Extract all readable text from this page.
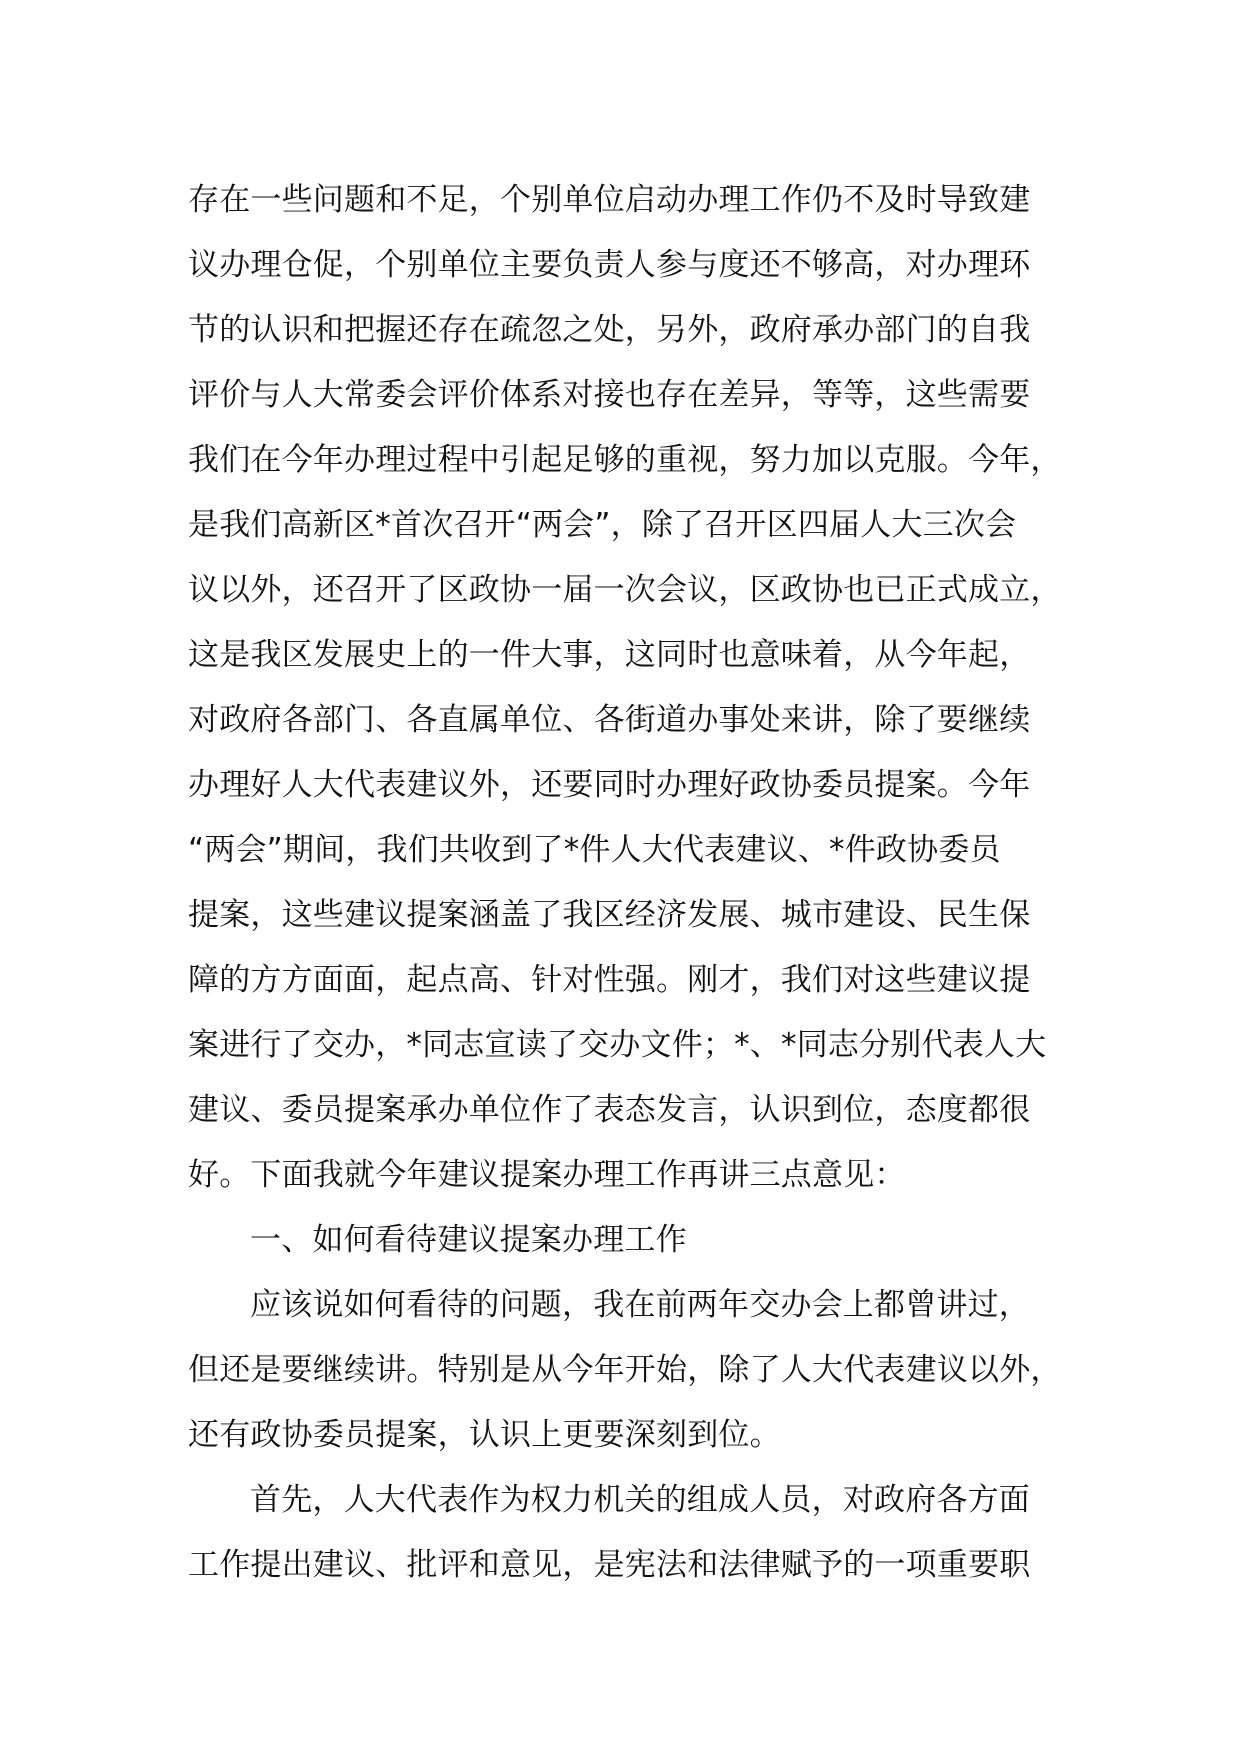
存在一些问题和不足，个别单位启动办理工作仍不及时导致建
议办理仓促，个别单位主要负责人参与度还不够高，对办理环
节的认识和把握还存在疏忽之处，另外，政府承办部门的自我
评价与人大常委会评价体系对接也存在差异，等等，这些需要
我们在今年办理过程中引起足够的重视，努力加以克服。今年，
是我们高新区*首次召开“两会”，除了召开区四届人大三次会
议以外，还召开了区政协一届一次会议，区政协也已正式成立，
这是我区发展史上的一件大事，这同时也意味着，从今年起，
对政府各部门、各直属单位、各街道办事处来讲，除了要继续
办理好人大代表建议外，还要同时办理好政协委员提案。今年
“两会”期间，我们共收到了*件人大代表建议、*件政协委员
提案，这些建议提案涵盖了我区经济发展、城市建设、民生保
障的方方面面，起点高、针对性强。刚才，我们对这些建议提
案进行了交办，*同志宣读了交办文件；*、*同志分别代表人大
建议、委员提案承办单位作了表态发言，认识到位，态度都很
好。下面我就今年建议提案办理工作再讲三点意见：
一、如何看待建议提案办理工作
应该说如何看待的问题，我在前两年交办会上都曾讲过，
但还是要继续讲。特别是从今年开始，除了人大代表建议以外，
还有政协委员提案，认识上更要深刻到位。
首先，人大代表作为权力机关的组成人员，对政府各方面
工作提出建议、批评和意见，是宪法和法律赋予的一项重要职
